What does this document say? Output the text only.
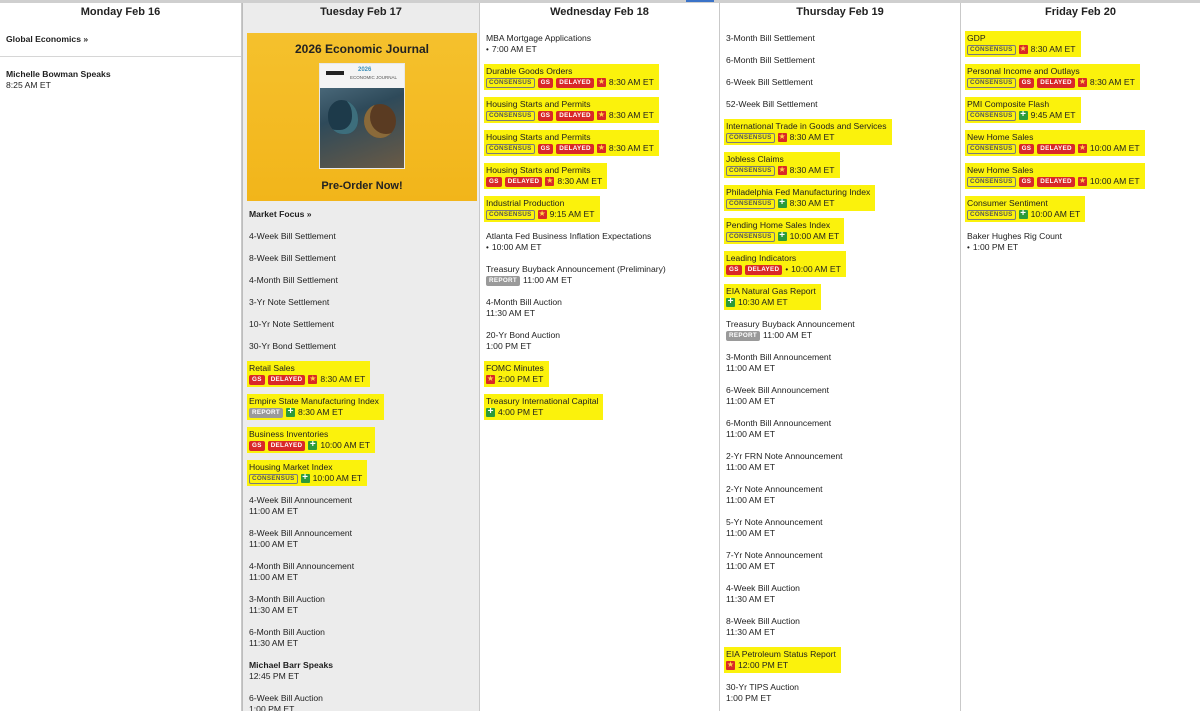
Monday Feb 16
Global Economics »
Michelle Bowman Speaks
8:25 AM ET
Tuesday Feb 17
2026 Economic Journal
2026
ECONOMIC JOURNAL
Pre-Order Now!
Market Focus »
4-Week Bill Settlement
8-Week Bill Settlement
4-Month Bill Settlement
3-Yr Note Settlement
10-Yr Note Settlement
30-Yr Bond Settlement
Retail Sales
GS	DELAYED ★	8:30 AM ET
Empire State Manufacturing Index
REPORT +	8:30 AM ET
Business Inventories
GS	DELAYED +	10:00 AM ET
Housing Market Index
CONSENSUS +	10:00 AM ET
4-Week Bill Announcement
11:00 AM ET
8-Week Bill Announcement
11:00 AM ET
4-Month Bill Announcement
11:00 AM ET
3-Month Bill Auction
11:30 AM ET
6-Month Bill Auction
11:30 AM ET
Michael Barr Speaks
12:45 PM ET
6-Week Bill Auction
1:00 PM ET
Wednesday Feb 18
MBA Mortgage Applications
• 7:00 AM ET
Durable Goods Orders
CONSENSUS	GS	DELAYED ★	8:30 AM ET
Housing Starts and Permits
CONSENSUS	GS	DELAYED ★	8:30 AM ET
Housing Starts and Permits
CONSENSUS	GS	DELAYED ★	8:30 AM ET
Housing Starts and Permits
GS	DELAYED ★	8:30 AM ET
Industrial Production
CONSENSUS ★	9:15 AM ET
Atlanta Fed Business Inflation Expectations
• 10:00 AM ET
Treasury Buyback Announcement (Preliminary)
REPORT 11:00 AM ET
4-Month Bill Auction
11:30 AM ET
20-Yr Bond Auction
1:00 PM ET
FOMC Minutes
★
2:00 PM ET
Treasury International Capital
+
4:00 PM ET
Thursday Feb 19
3-Month Bill Settlement
6-Month Bill Settlement
6-Week Bill Settlement
52-Week Bill Settlement
International Trade in Goods and Services
CONSENSUS ★	8:30 AM ET
Jobless Claims
CONSENSUS ★	8:30 AM ET
Philadelphia Fed Manufacturing Index
CONSENSUS +	8:30 AM ET
Pending Home Sales Index
CONSENSUS +	10:00 AM ET
Leading Indicators
GS	DELAYED • 10:00 AM ET
EIA Natural Gas Report
+
10:30 AM ET
Treasury Buyback Announcement
REPORT 11:00 AM ET
3-Month Bill Announcement
11:00 AM ET
6-Week Bill Announcement
11:00 AM ET
6-Month Bill Announcement
11:00 AM ET
2-Yr FRN Note Announcement
11:00 AM ET
2-Yr Note Announcement
11:00 AM ET
5-Yr Note Announcement
11:00 AM ET
7-Yr Note Announcement
11:00 AM ET
4-Week Bill Auction
11:30 AM ET
8-Week Bill Auction
11:30 AM ET
EIA Petroleum Status Report
★
12:00 PM ET
30-Yr TIPS Auction
1:00 PM ET
Friday Feb 20
GDP
CONSENSUS ★	8:30 AM ET
Personal Income and Outlays
CONSENSUS	GS	DELAYED ★	8:30 AM ET
PMI Composite Flash
CONSENSUS +	9:45 AM ET
New Home Sales
CONSENSUS	GS	DELAYED ★	10:00 AM ET
New Home Sales
CONSENSUS	GS	DELAYED ★	10:00 AM ET
Consumer Sentiment
CONSENSUS +	10:00 AM ET
Baker Hughes Rig Count
• 1:00 PM ET
